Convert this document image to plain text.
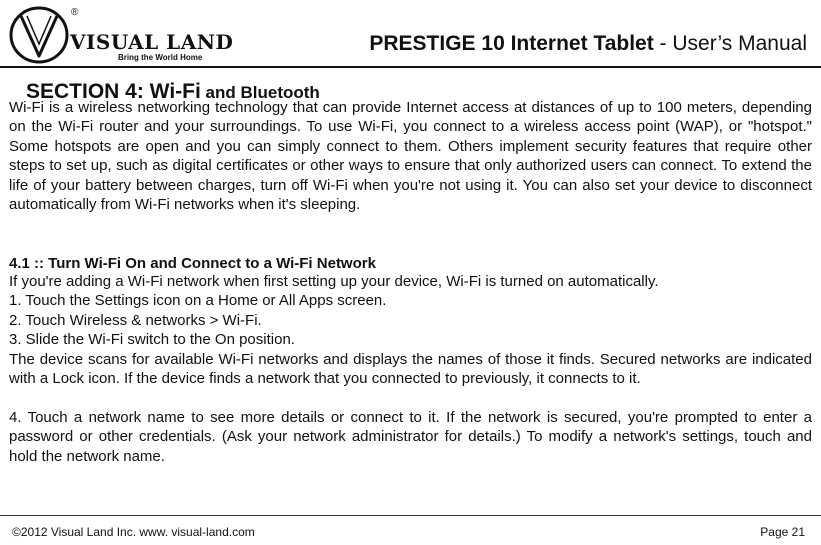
®
VISUAL LAND
Bring the World Home
PRESTIGE 10 Internet Tablet - User’s Manual
SECTION 4: Wi-Fi and Bluetooth

Wi-Fi is a wireless networking technology that can provide Internet access at distances of up to 100 meters, depending on the Wi-Fi router and your surroundings. To use Wi-Fi, you connect to a wireless access point (WAP), or "hotspot." Some hotspots are open and you can simply connect to them. Others implement security features that require other steps to set up, such as digital certificates or other ways to ensure that only authorized users can connect. To extend the life of your battery between charges, turn off Wi-Fi when you're not using it. You can also set your device to disconnect automatically from Wi-Fi networks when it's sleeping.

4.1 :: Turn Wi-Fi On and Connect to a Wi-Fi Network
If you're adding a Wi-Fi network when first setting up your device, Wi-Fi is turned on automatically.
1. Touch the Settings icon on a Home or All Apps screen.
2. Touch Wireless & networks > Wi-Fi.
3. Slide the Wi-Fi switch to the On position.

The device scans for available Wi-Fi networks and displays the names of those it finds. Secured networks are indicated with a Lock icon. If the device finds a network that you connected to previously, it connects to it.

4. Touch a network name to see more details or connect to it. If the network is secured, you're prompted to enter a password or other credentials. (Ask your network administrator for details.) To modify a network's settings, touch and hold the network name.

©2012 Visual Land Inc. www. visual-land.com	Page 21
